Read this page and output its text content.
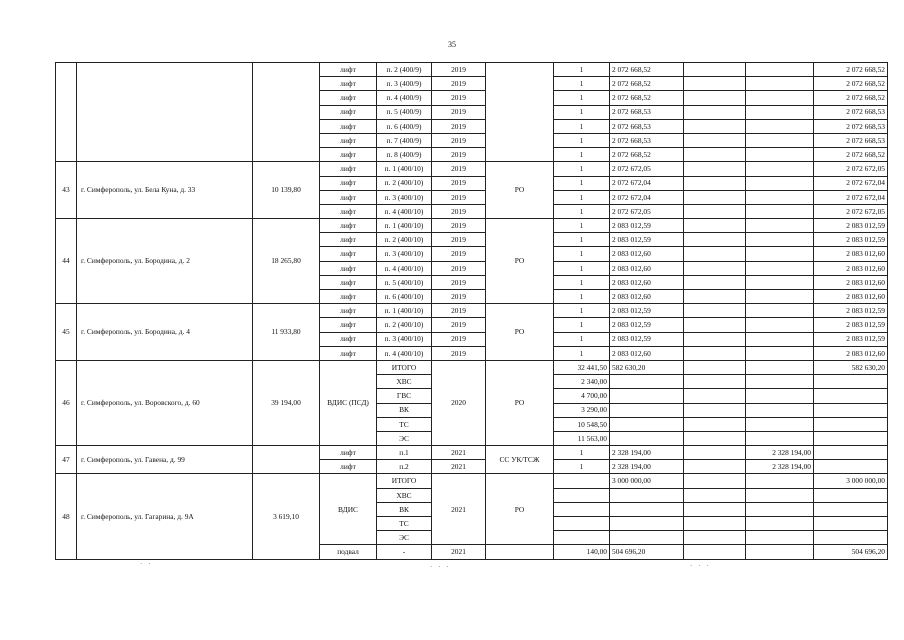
35
			лифт	п. 2 (400/9)	2019		1	2 072 668,52			2 072 668,52
			лифт	п. 3 (400/9)	2019		1	2 072 668,52			2 072 668,52
			лифт	п. 4 (400/9)	2019		1	2 072 668,52			2 072 668,52
			лифт	п. 5 (400/9)	2019		1	2 072 668,53			2 072 668,53
			лифт	п. 6 (400/9)	2019		1	2 072 668,53			2 072 668,53
			лифт	п. 7 (400/9)	2019		1	2 072 668,53			2 072 668,53
			лифт	п. 8 (400/9)	2019		1	2 072 668,52			2 072 668,52
43	г. Симферополь, ул. Бела Куна, д. 33	10 139,80	лифт	п. 1 (400/10)	2019	РО	1	2 072 672,05			2 072 672,05
			лифт	п. 2 (400/10)	2019		1	2 072 672,04			2 072 672,04
			лифт	п. 3 (400/10)	2019		1	2 072 672,04			2 072 672,04
			лифт	п. 4 (400/10)	2019		1	2 072 672,05			2 072 672,05
44	г. Симферополь, ул. Бородина, д. 2	18 265,80	лифт	п. 1 (400/10)	2019	РО	1	2 083 012,59			2 083 012,59
			лифт	п. 2 (400/10)	2019		1	2 083 012,59			2 083 012,59
			лифт	п. 3 (400/10)	2019		1	2 083 012,60			2 083 012,60
			лифт	п. 4 (400/10)	2019		1	2 083 012,60			2 083 012,60
			лифт	п. 5 (400/10)	2019		1	2 083 012,60			2 083 012,60
			лифт	п. 6 (400/10)	2019		1	2 083 012,60			2 083 012,60
45	г. Симферополь, ул. Бородина, д. 4	11 933,80	лифт	п. 1 (400/10)	2019	РО	1	2 083 012,59			2 083 012,59
			лифт	п. 2 (400/10)	2019		1	2 083 012,59			2 083 012,59
			лифт	п. 3 (400/10)	2019		1	2 083 012,59			2 083 012,59
			лифт	п. 4 (400/10)	2019		1	2 083 012,60			2 083 012,60
46	г. Симферополь, ул. Воровского, д. 60	39 194,00	ВДИС (ПСД)	ИТОГО	2020	РО	32 441,50	582 630,20			582 630,20
				ХВС			2 340,00				
				ГВС			4 700,00				
				ВК			3 290,00				
				ТС			10 548,50				
				ЭС			11 563,00				
47	г. Симферополь, ул. Гавена, д. 99		лифт	п.1	2021	СС УК/ТСЖ	1	2 328 194,00		2 328 194,00	
			лифт	п.2	2021		1	2 328 194,00		2 328 194,00	
48	г. Симферополь, ул. Гагарина, д. 9А	3 619,10	ВДИС	ИТОГО	2021	РО		3 000 000,00			3 000 000,00
				ХВС							
				ВК							
				ТС							
				ЭС							
			подвал	-	2021		140,00	504 696,20			504 696,20
· ·	· · ·	· · ·
